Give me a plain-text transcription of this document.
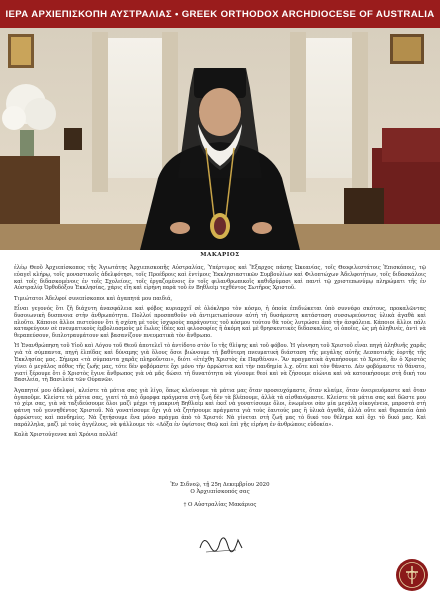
ΙΕΡΑ ΑΡΧΙΕΠΙΣΚΟΠΗ ΑΥΣΤΡΑΛΙΑΣ • GREEK ORTHODOX ARCHDIOCESE OF AUSTRALIA
ΜΑΚΑΡΙΟΣ

ἐλέῳ Θεοῦ Ἀρχιεπίσκοπος τῆς Ἁγιωτάτης Ἀρχιεπισκοπῆς Αὐστραλίας, Ὑπέρτιμος καὶ Ἔξαρχος πάσης Ὠκεανίας, τοῖς Θεοφιλεστάτοις Ἐπισκόποις, τῷ εὐαγεῖ κλήρῳ, τοῖς μοναστικοῖς ἀδελφότησι, τοῖς Προέδροις καὶ ἐντίμοις Ἐκκλησιαστικῶν Συμβουλίων καὶ Φιλοπτώχων Ἀδελφοτήτων, τοῖς διδασκάλοις καὶ τοῖς διδασκομένοις ἐν τοῖς Σχολείοις, τοῖς ἐργαζομένοις ἐν τοῖς φιλανθρωπικοῖς καθιδρύμασι καὶ παντὶ τῷ χριστεπωνύμῳ πληρώματι τῆς ἐν Αὐστραλίᾳ Ὀρθοδόξου Ἐκκλησίας, χάρις εἴη καὶ εἰρήνη παρὰ τοῦ ἐν Βηθλεὲμ τεχθέντος Σωτῆρος Χριστοῦ.

Τιμιώτατοι Ἀδελφοί συνεπίσκοποι καὶ ἀγαπητά μου παιδιά,

Εἶναι γεγονός ὅτι ζῆ διάχυτη ἀνασφάλεια καὶ φόβος κυριαρχεῖ σὲ ὁλόκληρο τὸν κόσμο, ἡ ὁποία ἐπιδιώκεται ὑπὸ συννέφο σκότους, προκαλῶντας δυσοιωνικὴ δυσπνοια στὴν ἀνθρωπότητα. Πολλοί προσπαθοῦν νὰ ἀντιμετωπίσουν αὐτὴ τὴ δυσάρεστη κατάσταση συσσωρεύοντας ὑλικὰ ἀγαθὰ καὶ πλοῦτο. Κάποιοι ἄλλοι πιστεύουν ὅτι ἡ σχέση μὲ τοὺς ἰσχυροὺς παράγοντες τοῦ κόσμου τούτου θὰ τοὺς λυτρώσει ἀπὸ τὴν ἀσφάλεια. Κάποιοι ἄλλοι πάλι καταφεύγουν σὲ πνευματικοὺς ἐμβολιασμοὺς μὲ ἔωλες ἰδέες καὶ φιλοσοφίες ἢ ἀκόμη καὶ μὲ θρησκευτικὲς διδασκαλίες, οἱ ὁποῖες, ὡς μὴ ἀληθινές, ἀντὶ νὰ θεραπεύσουν, διπλοτραυμάτουν καὶ βασανίζουν πνευματικὰ τὸν ἄνθρωπο.

Ἡ Ἐνανθρώπηση τοῦ Υἱοῦ καὶ Λόγου τοῦ Θεοῦ ἀποτελεῖ τὸ ἀντίδοτο στὸν ἴο τῆς θλίψης καὶ τοῦ φόβου. Ἡ γέννηση τοῦ Χριστοῦ εἶναι πηγὴ ἀληθινῆς χαρᾶς γιὰ τὰ σύμπαντα, πηγὴ ἐλπίδας καὶ δύναμης γιὰ ὅλους ὅσοι βιώνουμε τὴ βαθύτερη πνευματικὴ διάσταση τῆς μεγάλης αὐτῆς Δεσποτικῆς ἑορτῆς τῆς Ἐκκλησίας μας. Σήμερα «τὰ σύμπαντα χαρᾶς πληροῦνται», διότι «ἐτέχθη Χριστὸς ἐκ Παρθένου». Ἂν πραγματικὰ ἀγαπήσουμε τὸ Χριστό, ἂν ὁ Χριστὸς γίνει ὁ μεγάλος πόθος τῆς ζωῆς μας, τότε δὲν φοβόμαστε ὄχι μόνο τὴν ἀρρώστια καὶ τὴν πανδημία λ.χ. οὔτε καὶ τὸν θάνατο. Δὲν φοβόμαστε τὸ θάνατο, γιατί ξέρουμε ὅτι ὁ Χριστὸς ἔγινε ἄνθρωπος γιὰ νὰ μᾶς δώσει τὴ δυνατότητα νὰ γίνουμε θεοί καὶ νὰ ζήσουμε αἰώνια καὶ νὰ κατοικήσουμε στὴ δική του Βασιλεία, τὴ Βασιλεία τῶν Οὐρανῶν.

Ἀγαπητοί μου ἀδελφοί, κλείστε τὰ μάτια σας γιὰ λίγο, ὅπως κλείνουμε τὰ μάτια μας ὅταν προσευχόμαστε, ὅταν κλαίμε, ὅταν ὀνειρευόμαστε καὶ ὅταν ἀγαποῦμε. Κλείστε τὰ μάτια σας, γιατί τὰ πιὸ ὄμορφα πράγματα στὴ ζωή δὲν τὰ βλέπουμε, ἁλλὰ τὰ αἰσθανόμαστε. Κλείστε τὰ μάτια σας καὶ δῶστε μου τὸ χέρι σας, γιὰ νὰ ταξιδεύσουμε ὅλοι μαζὶ μέχρι τὴ μακρινὴ Βηθλεὲμ καὶ ἐκεῖ νὰ γονατίσουμε ὅλοι, ἑνωμένοι σὰν μία μεγάλη οἰκογένεια, μπροστὰ στὴ φάτνη τοῦ γεννηθέντος Χριστοῦ. Νὰ γονατίσουμε ὄχι γιὰ νὰ ζητήσουμε πράγματα γιὰ τοὺς ἑαυτούς μας ἢ ὑλικὰ ἀγαθά, ἁλλὰ οὔτε καὶ θεραπεία ἀπὸ ἀρρώστιες καὶ πανδημίες. Νὰ ζητήσουμε ἕνα μόνο πράγμα ἀπὸ τὸ Χριστό: Νὰ γίνεται στὴ ζωή μας τὸ δικό του θέλημα καὶ ὄχι τὸ δικό μας. Καὶ παράλληλα, μαζὶ μὲ τοὺς ἀγγέλους, νὰ ψάλλουμε τὸ: «Δόξα ἐν ὑψίστοις Θεῷ καὶ ἐπὶ γῆς εἰρήνη ἐν ἀνθρώποις εὐδοκία».

Καλὰ Χριστούγεννα καὶ Χρόνια πολλά!

Ἐν Σιδνεῷ, τῇ 25η Δεκεμβρίου 2020
Ο Ἀρχιεπίσκοπός σας
† Ο Αὐστραλίας Μακάριος
